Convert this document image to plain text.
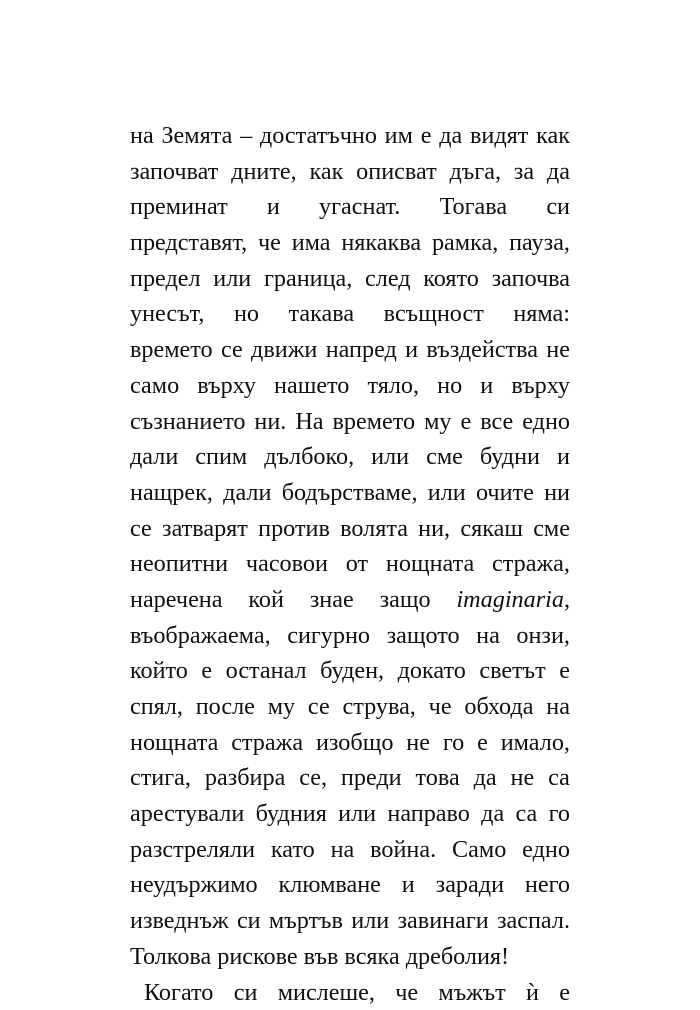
на Земята – достатъчно им е да видят как
започват дните, как описват дъга, за да
преминат и угаснат. Тогава си
представят, че има някаква рамка, пауза,
предел или граница, след която започва
унесът, но такава всъщност няма:
времето се движи напред и въздейства не
само върху нашето тяло, но и върху
съзнанието ни. На времето му е все едно
дали спим дълбоко, или сме будни и
нащрек, дали бодърстваме, или очите ни
се затварят против волята ни, сякаш сме
неопитни часовои от нощната стража,
наречена кой знае защо imaginaria,
въображаема, сигурно защото на онзи,
който е останал буден, докато светът е
спял, после му се струва, че обхода на
нощната стража изобщо не го е имало,
стига, разбира се, преди това да не са
арестували будния или направо да са го
разстреляли като на война. Само едно
неудържимо клюмване и заради него
изведнъж си мъртъв или завинаги заспал.
Толкова рискове във всяка дреболия!
Когато си мислеше, че мъжът ѝ е
